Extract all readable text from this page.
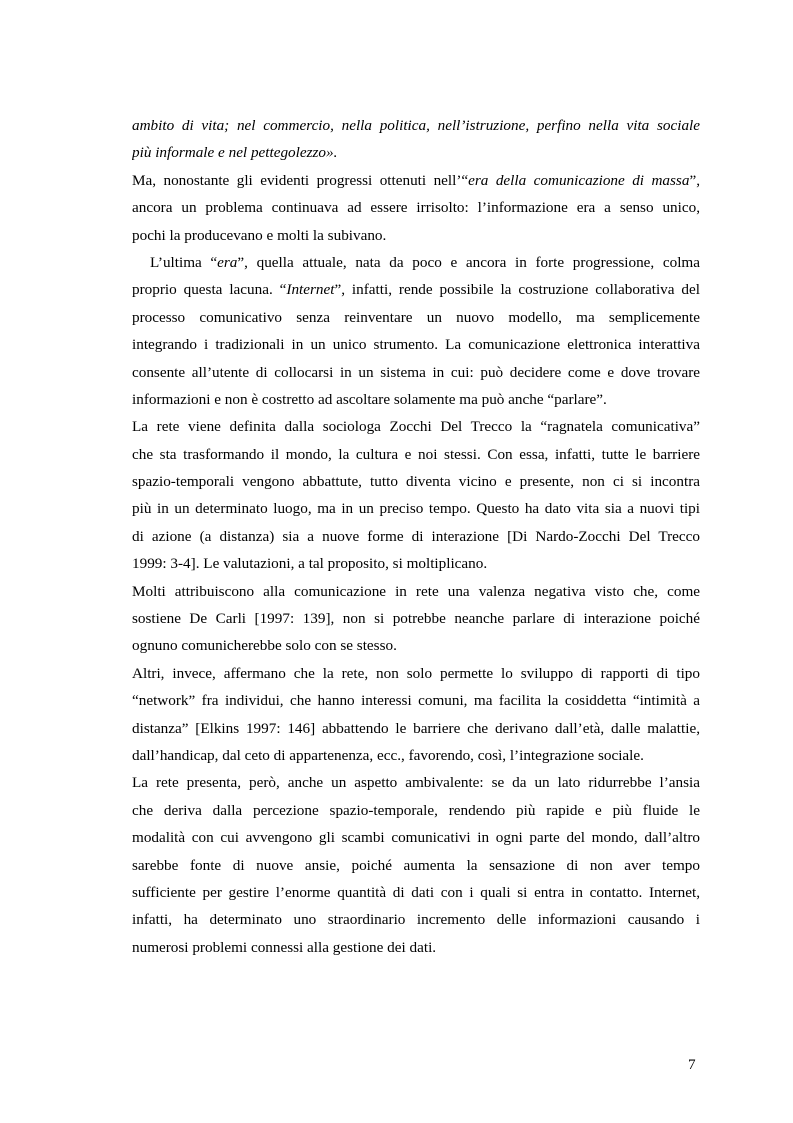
ambito di vita; nel commercio, nella politica, nell’istruzione, perfino nella vita sociale
più informale e nel pettegolezzo».
Ma, nonostante gli evidenti progressi ottenuti nell’“era della comunicazione di massa”,
ancora un problema continuava ad essere irrisolto: l’informazione era a senso unico,
pochi la producevano e molti la subivano.
L’ultima “era”, quella attuale, nata da poco e ancora in forte progressione, colma
proprio questa lacuna. “Internet”, infatti, rende possibile la costruzione collaborativa del
processo comunicativo senza reinventare un nuovo modello, ma semplicemente
integrando i tradizionali in un unico strumento. La comunicazione elettronica interattiva
consente all’utente di collocarsi in un sistema in cui: può decidere come e dove trovare
informazioni e non è costretto ad ascoltare solamente ma può anche “parlare”.
La rete viene definita dalla sociologa Zocchi Del Trecco la “ragnatela comunicativa”
che sta trasformando il mondo, la cultura e noi stessi. Con essa, infatti, tutte le barriere
spazio-temporali vengono abbattute, tutto diventa vicino e presente, non ci si incontra
più in un determinato luogo, ma in un preciso tempo. Questo ha dato vita sia a nuovi tipi
di azione (a distanza) sia a nuove forme di interazione [Di Nardo-Zocchi Del Trecco
1999: 3-4]. Le valutazioni, a tal proposito, si moltiplicano.
Molti attribuiscono alla comunicazione in rete una valenza negativa visto che, come
sostiene De Carli [1997: 139], non si potrebbe neanche parlare di interazione poiché
ognuno comunicherebbe solo con se stesso.
Altri, invece, affermano che la rete, non solo permette lo sviluppo di rapporti di tipo
“network” fra individui, che hanno interessi comuni, ma facilita la cosiddetta “intimità a
distanza” [Elkins 1997: 146] abbattendo le barriere che derivano dall’età, dalle malattie,
dall’handicap, dal ceto di appartenenza, ecc., favorendo, così, l’integrazione sociale.
La rete presenta, però, anche un aspetto ambivalente: se da un lato ridurrebbe l’ansia
che deriva dalla percezione spazio-temporale, rendendo più rapide e più fluide le
modalità con cui avvengono gli scambi comunicativi in ogni parte del mondo, dall’altro
sarebbe fonte di nuove ansie, poiché aumenta la sensazione di non aver tempo
sufficiente per gestire l’enorme quantità di dati con i quali si entra in contatto. Internet,
infatti, ha determinato uno straordinario incremento delle informazioni causando i
numerosi problemi connessi alla gestione dei dati.
7
